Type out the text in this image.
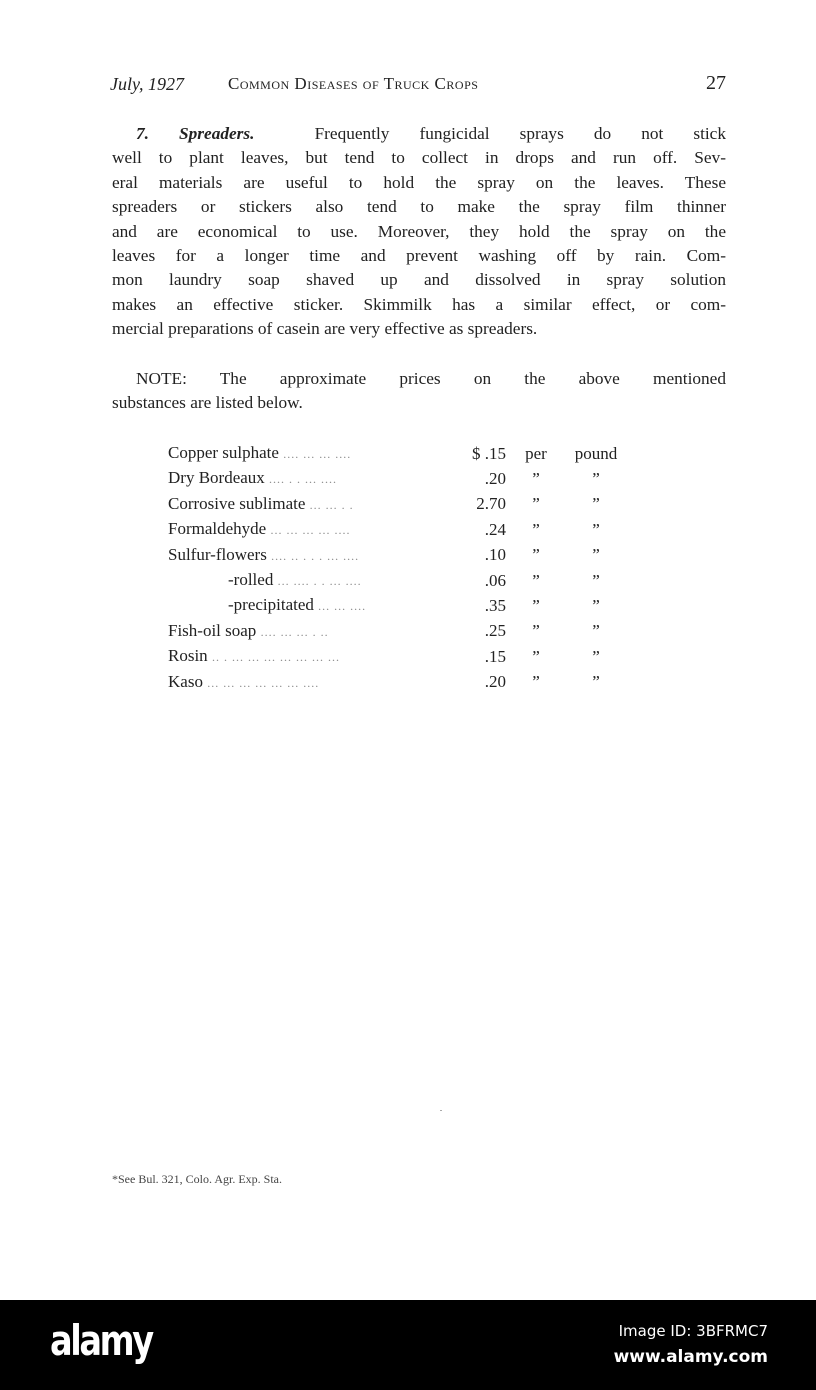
July, 1927	Common Diseases of Truck Crops	27
7. Spreaders.	Frequently fungicidal sprays do not stick
well to plant leaves, but tend to collect in drops and run off. Sev-
eral materials are useful to hold the spray on the leaves. These
spreaders or stickers also tend to make the spray film thinner
and are economical to use. Moreover, they hold the spray on the
leaves for a longer time and prevent washing off by rain. Com-
mon laundry soap shaved up and dissolved in spray solution
makes an effective sticker. Skimmilk has a similar effect, or com-
mercial preparations of casein are very effective as spreaders.
NOTE: The approximate prices on the above mentioned
substances are listed below.
Copper sulphate .... ... ... ....	$ .15	per	pound
Dry Bordeaux .... . . ... ....	.20	”	”
Corrosive sublimate ... ... . .	2.70	”	”
Formaldehyde ... ... ... ... ....	.24	”	”
Sulfur-flowers .... .. . . . ... ....	.10	”	”
-rolled ... .... . . ... ....	.06	”	”
-precipitated ... ... ....	.35	”	”
Fish-oil soap .... ... ... . ..	.25	”	”
Rosin .. . ... ... ... ... ... ... ...	.15	”	”
Kaso ... ... ... ... ... ... ....	.20	”	”
*See Bul. 321, Colo. Agr. Exp. Sta.
alamy	Image ID: 3BFRMC7
www.alamy.com
